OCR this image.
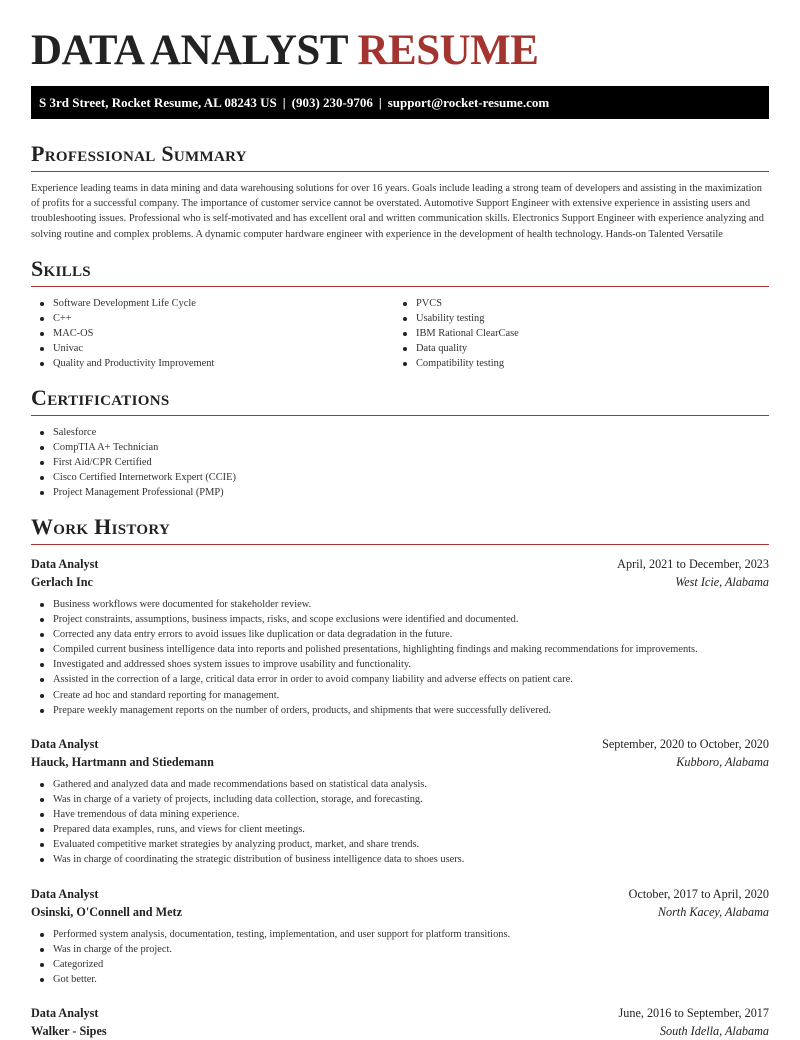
DATA ANALYST RESUME
S 3rd Street, Rocket Resume, AL 08243 US | (903) 230-9706 | support@rocket-resume.com
Professional Summary

Experience leading teams in data mining and data warehousing solutions for over 16 years. Goals include leading a strong team of developers and assisting in the maximization of profits for a successful company. The importance of customer service cannot be overstated. Automotive Support Engineer with extensive experience in assisting users and troubleshooting issues. Professional who is self-motivated and has excellent oral and written communication skills. Electronics Support Engineer with experience analyzing and solving routine and complex problems. A dynamic computer hardware engineer with experience in the development of health technology. Hands-on Talented Versatile

Skills
Software Development Life Cycle
C++
MAC-OS
Univac
Quality and Productivity Improvement
PVCS
Usability testing
IBM Rational ClearCase
Data quality
Compatibility testing
Certifications
Salesforce
CompTIA A+ Technician
First Aid/CPR Certified
Cisco Certified Internetwork Expert (CCIE)
Project Management Professional (PMP)
Work History
Data Analyst	April, 2021 to December, 2023
Gerlach Inc	West Icie, Alabama
Business workflows were documented for stakeholder review.
Project constraints, assumptions, business impacts, risks, and scope exclusions were identified and documented.
Corrected any data entry errors to avoid issues like duplication or data degradation in the future.
Compiled current business intelligence data into reports and polished presentations, highlighting findings and making recommendations for improvements.
Investigated and addressed shoes system issues to improve usability and functionality.
Assisted in the correction of a large, critical data error in order to avoid company liability and adverse effects on patient care.
Create ad hoc and standard reporting for management.
Prepare weekly management reports on the number of orders, products, and shipments that were successfully delivered.
Data Analyst	September, 2020 to October, 2020
Hauck, Hartmann and Stiedemann	Kubboro, Alabama
Gathered and analyzed data and made recommendations based on statistical data analysis.
Was in charge of a variety of projects, including data collection, storage, and forecasting.
Have tremendous of data mining experience.
Prepared data examples, runs, and views for client meetings.
Evaluated competitive market strategies by analyzing product, market, and share trends.
Was in charge of coordinating the strategic distribution of business intelligence data to shoes users.
Data Analyst	October, 2017 to April, 2020
Osinski, O'Connell and Metz	North Kacey, Alabama
Performed system analysis, documentation, testing, implementation, and user support for platform transitions.
Was in charge of the project.
Categorized
Got better.
Data Analyst	June, 2016 to September, 2017
Walker - Sipes	South Idella, Alabama
